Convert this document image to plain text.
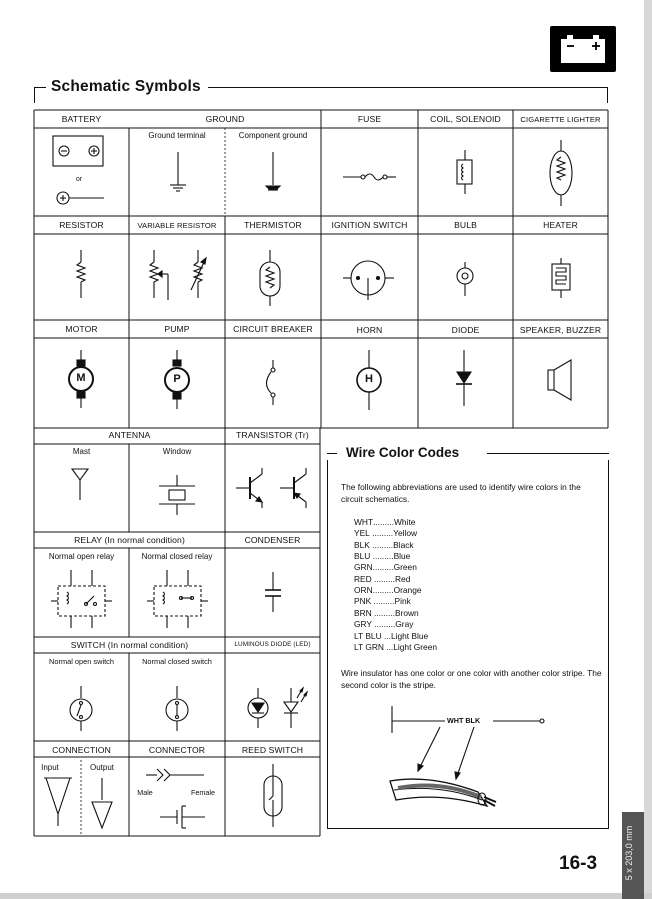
Schematic Symbols
BATTERY	GROUND	FUSE	COIL, SOLENOID	CIGARETTE LIGHTER
Ground terminal	Component ground
or
RESISTOR	VARIABLE RESISTOR	THERMISTOR	IGNITION SWITCH	BULB	HEATER
MOTOR	PUMP	CIRCUIT BREAKER	HORN	DIODE	SPEAKER, BUZZER
ANTENNA	TRANSISTOR (Tr)
Mast	Window
RELAY (In normal condition)	CONDENSER
Normal open relay	Normal closed relay
SWITCH (In normal condition)	LUMINOUS DIODE (LED)
Normal open switch	Normal closed switch
CONNECTION	CONNECTOR	REED SWITCH
Input	Output
Male	Female
M	P	H
Wire Color Codes
The following abbreviations are used to identify wire colors in the circuit schematics.
WHT.........White
YEL .........Yellow
BLK .........Black
BLU .........Blue
GRN.........Green
RED .........Red
ORN.........Orange
PNK .........Pink
BRN .........Brown
GRY .........Gray
LT BLU ...Light Blue
LT GRN ...Light Green
Wire insulator has one color or one color with another color stripe. The second color is the stripe.
WHT BLK
16-3	5 x 203,0 mm
